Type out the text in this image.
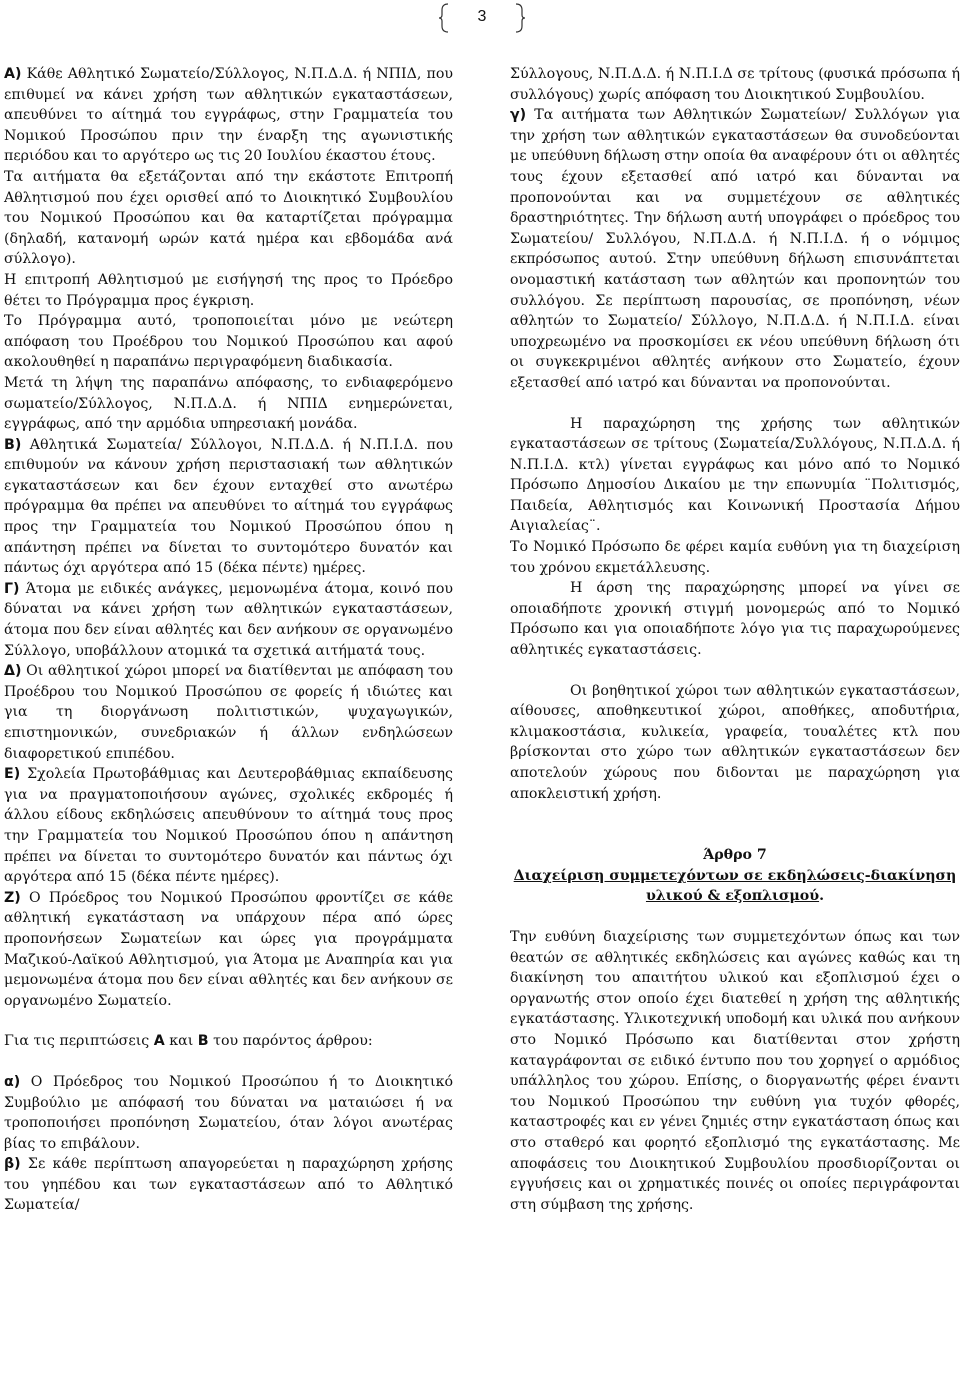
3

Α) Κάθε Αθλητικό Σωματείο/Σύλλογος, Ν.Π.Δ.Δ. ή ΝΠΙΔ, που επιθυμεί να κάνει χρήση των αθλητικών εγκαταστάσεων, απευθύνει το αίτημά του εγγράφως, στην Γραμματεία του Νομικού Προσώπου πριν την έναρξη της αγωνιστικής περιόδου και το αργότερο ως τις 20 Ιουλίου έκαστου έτους.

Τα αιτήματα θα εξετάζονται από την εκάστοτε Επιτροπή Αθλητισμού που έχει ορισθεί από το Διοικητικό Συμβουλίου του Νομικού Προσώπου και θα καταρτίζεται πρόγραμμα (δηλαδή, κατανομή ωρών κατά ημέρα και εβδομάδα ανά σύλλογο).

Η επιτροπή Αθλητισμού με εισήγησή της προς το Πρόεδρο θέτει το Πρόγραμμα προς έγκριση.

Το Πρόγραμμα αυτό, τροποποιείται μόνο με νεώτερη απόφαση του Προέδρου του Νομικού Προσώπου και αφού ακολουθηθεί η παραπάνω περιγραφόμενη διαδικασία.

Μετά τη λήψη της παραπάνω απόφασης, το ενδιαφερόμενο σωματείο/Σύλλογος, Ν.Π.Δ.Δ. ή ΝΠΙΔ ενημερώνεται, εγγράφως, από την αρμόδια υπηρεσιακή μονάδα.

Β) Αθλητικά Σωματεία/ Σύλλογοι, Ν.Π.Δ.Δ. ή Ν.Π.Ι.Δ. που επιθυμούν να κάνουν χρήση περιστασιακή των αθλητικών εγκαταστάσεων και δεν έχουν ενταχθεί στο ανωτέρω πρόγραμμα θα πρέπει να απευθύνει το αίτημά του εγγράφως προς την Γραμματεία του Νομικού Προσώπου όπου η απάντηση πρέπει να δίνεται το συντομότερο δυνατόν και πάντως όχι αργότερα από 15 (δέκα πέντε) ημέρες.

Γ) Άτομα με ειδικές ανάγκες, μεμονωμένα άτομα, κοινό που δύναται να κάνει χρήση των αθλητικών εγκαταστάσεων, άτομα που δεν είναι αθλητές και δεν ανήκουν σε οργανωμένο Σύλλογο, υποβάλλουν ατομικά τα σχετικά αιτήματά τους.

Δ) Οι αθλητικοί χώροι μπορεί να διατίθενται με απόφαση του Προέδρου του Νομικού Προσώπου σε φορείς ή ιδιώτες και για τη διοργάνωση πολιτιστικών, ψυχαγωγικών, επιστημονικών, συνεδριακών ή άλλων ενδηλώσεων διαφορετικού επιπέδου.

Ε) Σχολεία Πρωτοβάθμιας και Δευτεροβάθμιας εκπαίδευσης για να πραγματοποιήσουν αγώνες, σχολικές εκδρομές ή άλλου είδους εκδηλώσεις απευθύνουν το αίτημά τους προς την Γραμματεία του Νομικού Προσώπου όπου η απάντηση πρέπει να δίνεται το συντομότερο δυνατόν και πάντως όχι αργότερα από 15 (δέκα πέντε ημέρες).

Ζ) Ο Πρόεδρος του Νομικού Προσώπου φροντίζει σε κάθε αθλητική εγκατάσταση να υπάρχουν πέρα από ώρες προπονήσεων Σωματείων και ώρες για προγράμματα Μαζικού-Λαϊκού Αθλητισμού, για Άτομα με Αναπηρία και για μεμονωμένα άτομα που δεν είναι αθλητές και δεν ανήκουν σε οργανωμένο Σωματείο.

Για τις περιπτώσεις Α και Β του παρόντος άρθρου:

α) Ο Πρόεδρος του Νομικού Προσώπου ή το Διοικητικό Συμβούλιο με απόφασή του δύναται να ματαιώσει ή να τροποποιήσει προπόνηση Σωματείου, όταν λόγοι ανωτέρας βίας το επιβάλουν.

β) Σε κάθε περίπτωση απαγορεύεται η παραχώρηση χρήσης του γηπέδου και των εγκαταστάσεων από το Αθλητικό Σωματεία/

Σύλλογους, Ν.Π.Δ.Δ. ή Ν.Π.Ι.Δ σε τρίτους (φυσικά πρόσωπα ή συλλόγους) χωρίς απόφαση του Διοικητικού Συμβουλίου.

γ) Τα αιτήματα των Αθλητικών Σωματείων/ Συλλόγων για την χρήση των αθλητικών εγκαταστάσεων θα συνοδεύονται με υπεύθυνη δήλωση στην οποία θα αναφέρουν ότι οι αθλητές τους έχουν εξετασθεί από ιατρό και δύνανται να προπονούνται και να συμμετέχουν σε αθλητικές δραστηριότητες. Την δήλωση αυτή υπογράφει ο πρόεδρος του Σωματείου/ Συλλόγου, Ν.Π.Δ.Δ. ή Ν.Π.Ι.Δ. ή ο νόμιμος εκπρόσωπος αυτού. Στην υπεύθυνη δήλωση επισυνάπτεται ονομαστική κατάσταση των αθλητών και προπονητών του συλλόγου. Σε περίπτωση παρουσίας, σε προπόνηση, νέων αθλητών το Σωματείο/ Σύλλογο, Ν.Π.Δ.Δ. ή Ν.Π.Ι.Δ. είναι υποχρεωμένο να προσκομίσει εκ νέου υπεύθυνη δήλωση ότι οι συγκεκριμένοι αθλητές ανήκουν στο Σωματείο, έχουν εξετασθεί από ιατρό και δύνανται να προπονούνται.

Η παραχώρηση της χρήσης των αθλητικών εγκαταστάσεων σε τρίτους (Σωματεία/Συλλόγους, Ν.Π.Δ.Δ. ή Ν.Π.Ι.Δ. κτλ) γίνεται εγγράφως και μόνο από το Νομικό Πρόσωπο Δημοσίου Δικαίου με την επωνυμία ¨Πολιτισμός, Παιδεία, Αθλητισμός και Κοινωνική Προστασία Δήμου Αιγιαλείας¨.

Το Νομικό Πρόσωπο δε φέρει καμία ευθύνη για τη διαχείριση του χρόνου εκμετάλλευσης.

Η άρση της παραχώρησης μπορεί να γίνει σε οποιαδήποτε χρονική στιγμή μονομερώς από το Νομικό Πρόσωπο και για οποιαδήποτε λόγο για τις παραχωρούμενες αθλητικές εγκαταστάσεις.

Οι βοηθητικοί χώροι των αθλητικών εγκαταστάσεων, αίθουσες, αποθηκευτικοί χώροι, αποθήκες, αποδυτήρια, κλιμακοστάσια, κυλικεία, γραφεία, τουαλέτες κτλ που βρίσκονται στο χώρο των αθλητικών εγκαταστάσεων δεν αποτελούν χώρους που διδονται με παραχώρηση για αποκλειστική χρήση.

Άρθρο 7

Διαχείριση συμμετεχόντων σε εκδηλώσεις-διακίνηση υλικού & εξοπλισμού.

Την ευθύνη διαχείρισης των συμμετεχόντων όπως και των θεατών σε αθλητικές εκδηλώσεις και αγώνες καθώς και τη διακίνηση του απαιτήτου υλικού και εξοπλισμού έχει ο οργανωτής στον οποίο έχει διατεθεί η χρήση της αθλητικής εγκατάστασης. Υλικοτεχνική υποδομή και υλικά που ανήκουν στο Νομικό Πρόσωπο και διατίθενται στον χρήστη καταγράφονται σε ειδικό έντυπο που του χορηγεί ο αρμόδιος υπάλληλος του χώρου. Επίσης, ο διοργανωτής φέρει έναντι του Νομικού Προσώπου την ευθύνη για τυχόν φθορές, καταστροφές και εν γένει ζημιές στην εγκατάσταση όπως και στο σταθερό και φορητό εξοπλισμό της εγκατάστασης. Με αποφάσεις του Διοικητικού Συμβουλίου προσδιορίζονται οι εγγυήσεις και οι χρηματικές ποινές οι οποίες περιγράφονται στη σύμβαση της χρήσης.
